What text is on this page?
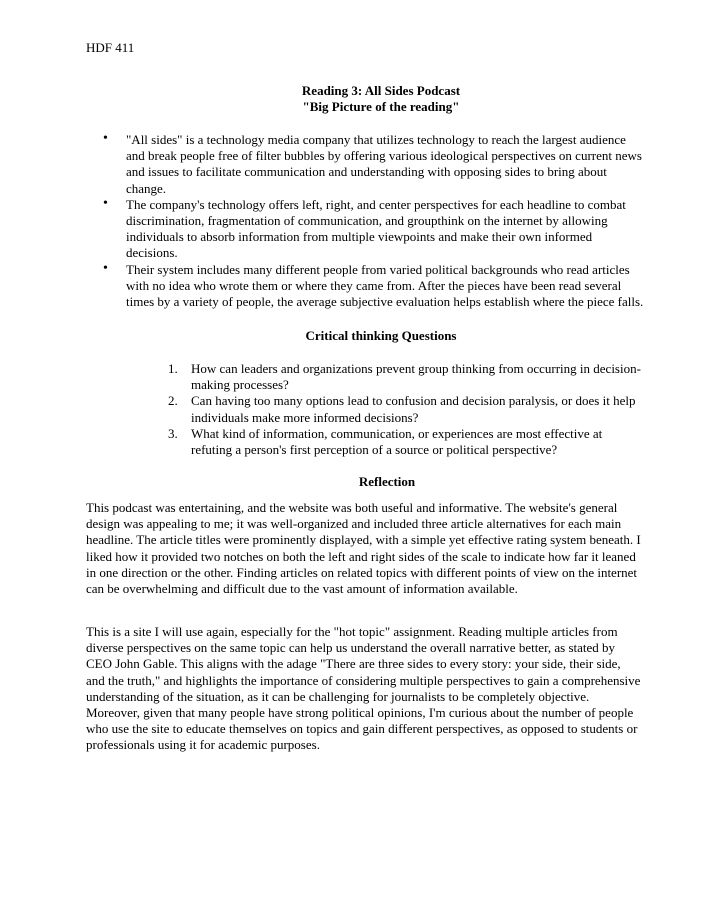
HDF 411
Reading 3: All Sides Podcast
"Big Picture of the reading"
• "All sides" is a technology media company that utilizes technology to reach the largest audience and break people free of filter bubbles by offering various ideological perspectives on current news and issues to facilitate communication and understanding with opposing sides to bring about change.
• The company's technology offers left, right, and center perspectives for each headline to combat discrimination, fragmentation of communication, and groupthink on the internet by allowing individuals to absorb information from multiple viewpoints and make their own informed decisions.
• Their system includes many different people from varied political backgrounds who read articles with no idea who wrote them or where they came from. After the pieces have been read several times by a variety of people, the average subjective evaluation helps establish where the piece falls.
Critical thinking Questions
1. How can leaders and organizations prevent group thinking from occurring in decision-making processes?
2. Can having too many options lead to confusion and decision paralysis, or does it help individuals make more informed decisions?
3. What kind of information, communication, or experiences are most effective at refuting a person's first perception of a source or political perspective?
Reflection

This podcast was entertaining, and the website was both useful and informative. The website's general design was appealing to me; it was well-organized and included three article alternatives for each main headline. The article titles were prominently displayed, with a simple yet effective rating system beneath. I liked how it provided two notches on both the left and right sides of the scale to indicate how far it leaned in one direction or the other. Finding articles on related topics with different points of view on the internet can be overwhelming and difficult due to the vast amount of information available.

This is a site I will use again, especially for the "hot topic" assignment. Reading multiple articles from diverse perspectives on the same topic can help us understand the overall narrative better, as stated by CEO John Gable. This aligns with the adage "There are three sides to every story: your side, their side, and the truth," and highlights the importance of considering multiple perspectives to gain a comprehensive understanding of the situation, as it can be challenging for journalists to be completely objective. Moreover, given that many people have strong political opinions, I'm curious about the number of people who use the site to educate themselves on topics and gain different perspectives, as opposed to students or professionals using it for academic purposes.
